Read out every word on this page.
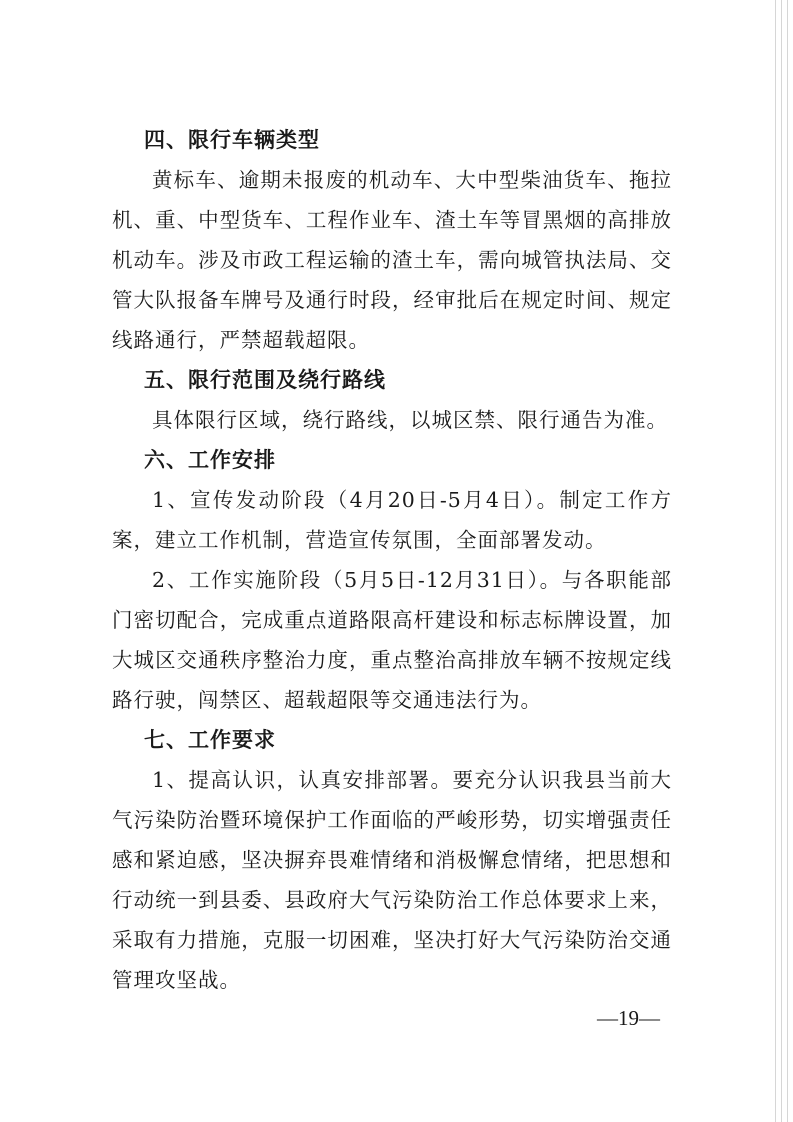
四、限行车辆类型

黄标车、逾期未报废的机动车、大中型柴油货车、拖拉机、重、中型货车、工程作业车、渣土车等冒黑烟的高排放机动车。涉及市政工程运输的渣土车，需向城管执法局、交管大队报备车牌号及通行时段，经审批后在规定时间、规定线路通行，严禁超载超限。

五、限行范围及绕行路线

具体限行区域，绕行路线，以城区禁、限行通告为准。

六、工作安排

1、宣传发动阶段（4月20日-5月4日）。制定工作方案，建立工作机制，营造宣传氛围，全面部署发动。

2、工作实施阶段（5月5日-12月31日）。与各职能部门密切配合，完成重点道路限高杆建设和标志标牌设置，加大城区交通秩序整治力度，重点整治高排放车辆不按规定线路行驶，闯禁区、超载超限等交通违法行为。

七、工作要求

1、提高认识，认真安排部署。要充分认识我县当前大气污染防治暨环境保护工作面临的严峻形势，切实增强责任感和紧迫感，坚决摒弃畏难情绪和消极懈怠情绪，把思想和行动统一到县委、县政府大气污染防治工作总体要求上来，采取有力措施，克服一切困难，坚决打好大气污染防治交通管理攻坚战。

—19—
